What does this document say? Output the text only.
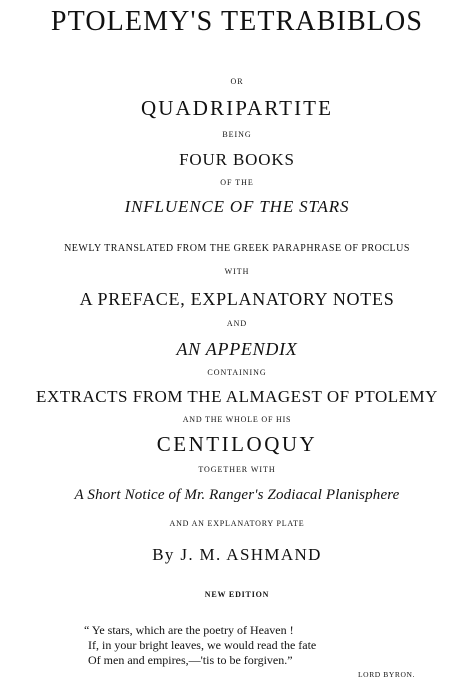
PTOLEMY'S TETRABIBLOS
OR
QUADRIPARTITE
BEING
FOUR BOOKS
OF THE
INFLUENCE OF THE STARS
NEWLY TRANSLATED FROM THE GREEK PARAPHRASE OF PROCLUS
WITH
A PREFACE, EXPLANATORY NOTES
AND
AN APPENDIX
CONTAINING
EXTRACTS FROM THE ALMAGEST OF PTOLEMY
AND THE WHOLE OF HIS
CENTILOQUY
TOGETHER WITH
A Short Notice of Mr. Ranger's Zodiacal Planisphere
AND AN EXPLANATORY PLATE
By J. M. ASHMAND
NEW EDITION
“ Ye stars, which are the poetry of Heaven !
If, in your bright leaves, we would read the fate
Of men and empires,—'tis to be forgiven.”
LORD BYRON.
